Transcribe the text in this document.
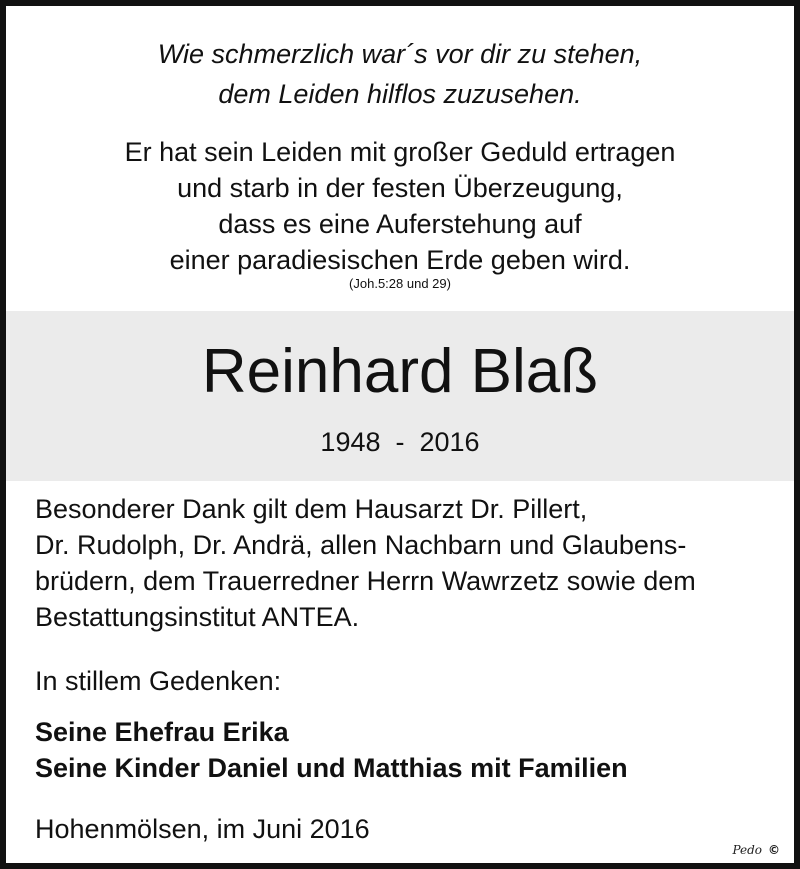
Wie schmerzlich war´s vor dir zu stehen,
dem Leiden hilflos zuzusehen.
Er hat sein Leiden mit großer Geduld ertragen
und starb in der festen Überzeugung,
dass es eine Auferstehung auf
einer paradiesischen Erde geben wird.
(Joh.5:28 und 29)
Reinhard Blaß
1948  -  2016
Besonderer Dank gilt dem Hausarzt Dr. Pillert,
Dr. Rudolph, Dr. Andrä, allen Nachbarn und Glaubens-
brüdern, dem Trauerredner Herrn Wawrzetz sowie dem
Bestattungsinstitut ANTEA.
In stillem Gedenken:
Seine Ehefrau Erika
Seine Kinder Daniel und Matthias mit Familien
Hohenmölsen, im Juni 2016
Pedo ©
